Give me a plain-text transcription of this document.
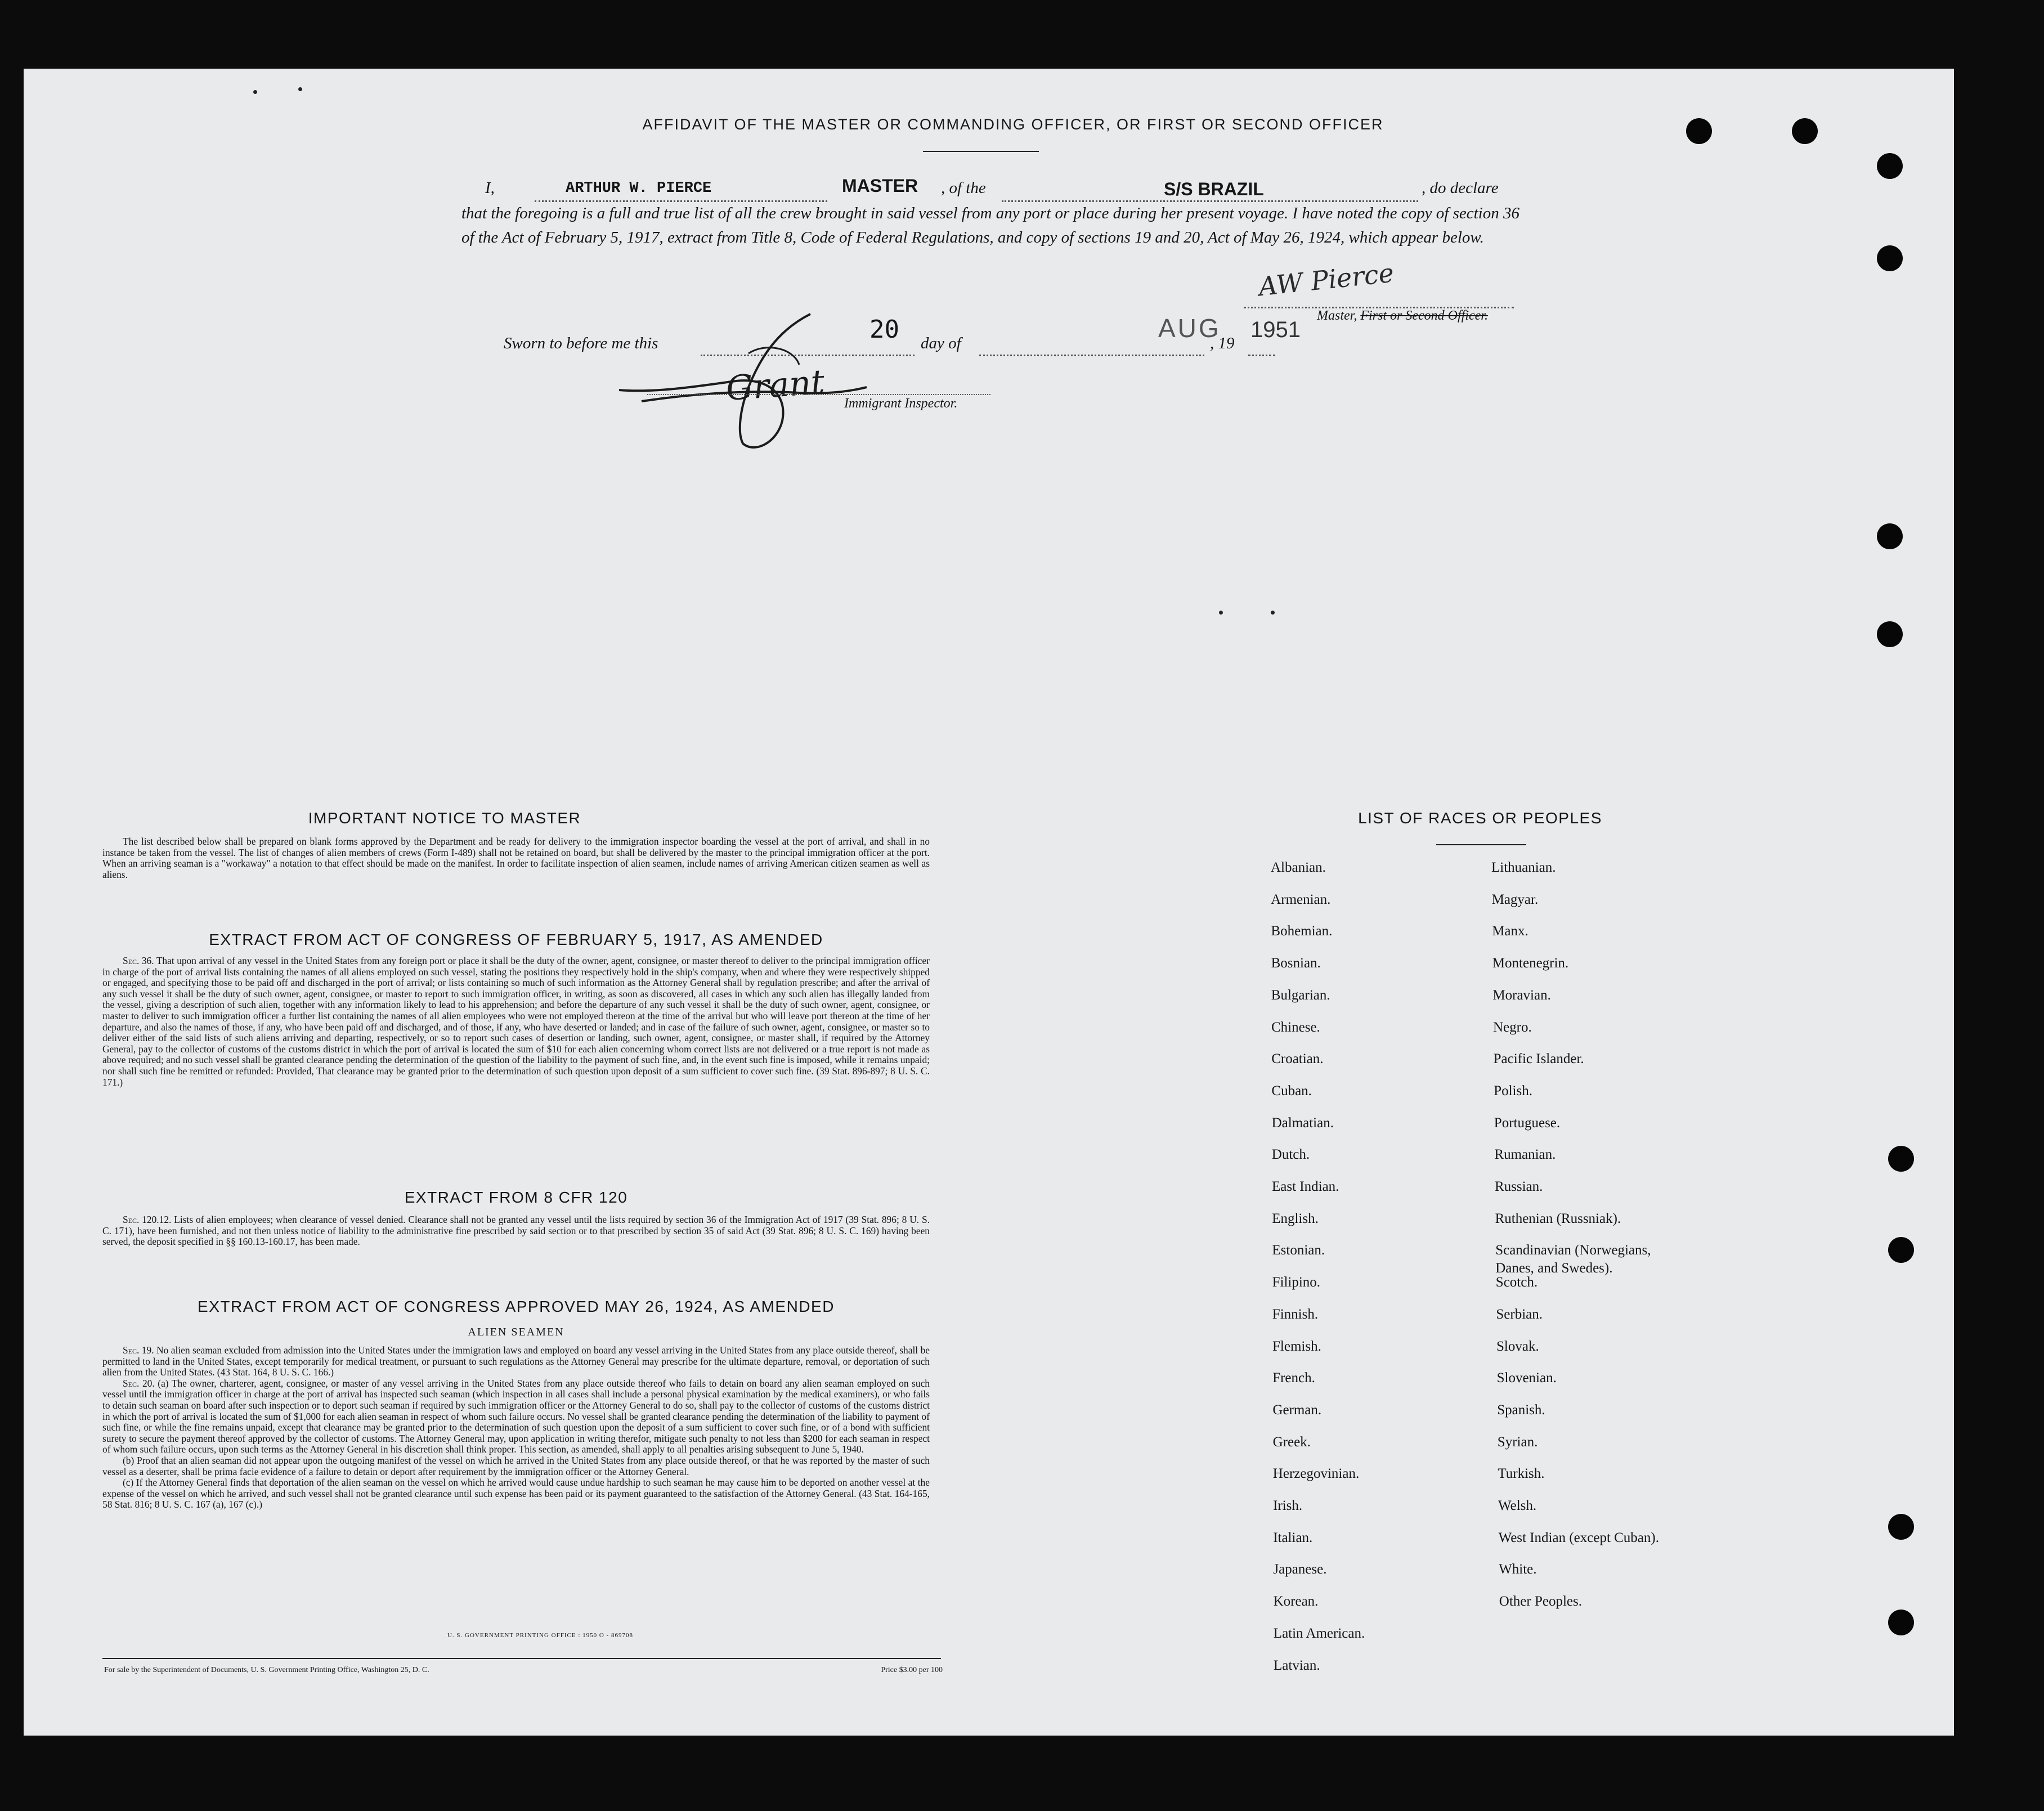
AFFIDAVIT OF THE MASTER OR COMMANDING OFFICER, OR FIRST OR SECOND OFFICER
I,	ARTHUR W. PIERCE	MASTER , of the	S/S BRAZIL	, do declare
that the foregoing is a full and true list of all the crew brought in said vessel from any port or place during her present voyage. I have noted the copy of section 36 of the Act of February 5, 1917, extract from Title 8, Code of Federal Regulations, and copy of sections 19 and 20, Act of May 26, 1924, which appear below.
AW Pierce
Master, First or Second Officer.
Sworn to before me this	20 day of
AUG
, 19
1951
Grant Immigrant Inspector.
IMPORTANT NOTICE TO MASTER
The list described below shall be prepared on blank forms approved by the Department and be ready for delivery to the immigration inspector boarding the vessel at the port of arrival, and shall in no instance be taken from the vessel. The list of changes of alien members of crews (Form I-489) shall not be retained on board, but shall be delivered by the master to the principal immigration officer at the port. When an arriving seaman is a "workaway" a notation to that effect should be made on the manifest. In order to facilitate inspection of alien seamen, include names of arriving American citizen seamen as well as aliens.
EXTRACT FROM ACT OF CONGRESS OF FEBRUARY 5, 1917, AS AMENDED
Sec. 36. That upon arrival of any vessel in the United States from any foreign port or place it shall be the duty of the owner, agent, consignee, or master thereof to deliver to the principal immigration officer in charge of the port of arrival lists containing the names of all aliens employed on such vessel, stating the positions they respectively hold in the ship's company, when and where they were respectively shipped or engaged, and specifying those to be paid off and discharged in the port of arrival; or lists containing so much of such information as the Attorney General shall by regulation prescribe; and after the arrival of any such vessel it shall be the duty of such owner, agent, consignee, or master to report to such immigration officer, in writing, as soon as discovered, all cases in which any such alien has illegally landed from the vessel, giving a description of such alien, together with any information likely to lead to his apprehension; and before the departure of any such vessel it shall be the duty of such owner, agent, consignee, or master to deliver to such immigration officer a further list containing the names of all alien employees who were not employed thereon at the time of the arrival but who will leave port thereon at the time of her departure, and also the names of those, if any, who have been paid off and discharged, and of those, if any, who have deserted or landed; and in case of the failure of such owner, agent, consignee, or master so to deliver either of the said lists of such aliens arriving and departing, respectively, or so to report such cases of desertion or landing, such owner, agent, consignee, or master shall, if required by the Attorney General, pay to the collector of customs of the customs district in which the port of arrival is located the sum of $10 for each alien concerning whom correct lists are not delivered or a true report is not made as above required; and no such vessel shall be granted clearance pending the determination of the question of the liability to the payment of such fine, and, in the event such fine is imposed, while it remains unpaid; nor shall such fine be remitted or refunded: Provided, That clearance may be granted prior to the determination of such question upon deposit of a sum sufficient to cover such fine. (39 Stat. 896-897; 8 U. S. C. 171.)
EXTRACT FROM 8 CFR 120
Sec. 120.12. Lists of alien employees; when clearance of vessel denied. Clearance shall not be granted any vessel until the lists required by section 36 of the Immigration Act of 1917 (39 Stat. 896; 8 U. S. C. 171), have been furnished, and not then unless notice of liability to the administrative fine prescribed by said section or to that prescribed by section 35 of said Act (39 Stat. 896; 8 U. S. C. 169) having been served, the deposit specified in §§ 160.13-160.17, has been made.
EXTRACT FROM ACT OF CONGRESS APPROVED MAY 26, 1924, AS AMENDED
ALIEN SEAMEN
Sec. 19. No alien seaman excluded from admission into the United States under the immigration laws and employed on board any vessel arriving in the United States from any place outside thereof, shall be permitted to land in the United States, except temporarily for medical treatment, or pursuant to such regulations as the Attorney General may prescribe for the ultimate departure, removal, or deportation of such alien from the United States. (43 Stat. 164, 8 U. S. C. 166.)
Sec. 20. (a) The owner, charterer, agent, consignee, or master of any vessel arriving in the United States from any place outside thereof who fails to detain on board any alien seaman employed on such vessel until the immigration officer in charge at the port of arrival has inspected such seaman (which inspection in all cases shall include a personal physical examination by the medical examiners), or who fails to detain such seaman on board after such inspection or to deport such seaman if required by such immigration officer or the Attorney General to do so, shall pay to the collector of customs of the customs district in which the port of arrival is located the sum of $1,000 for each alien seaman in respect of whom such failure occurs. No vessel shall be granted clearance pending the determination of the liability to payment of such fine, or while the fine remains unpaid, except that clearance may be granted prior to the determination of such question upon the deposit of a sum sufficient to cover such fine, or of a bond with sufficient surety to secure the payment thereof approved by the collector of customs. The Attorney General may, upon application in writing therefor, mitigate such penalty to not less than $200 for each seaman in respect of whom such failure occurs, upon such terms as the Attorney General in his discretion shall think proper. This section, as amended, shall apply to all penalties arising subsequent to June 5, 1940.
(b) Proof that an alien seaman did not appear upon the outgoing manifest of the vessel on which he arrived in the United States from any place outside thereof, or that he was reported by the master of such vessel as a deserter, shall be prima facie evidence of a failure to detain or deport after requirement by the immigration officer or the Attorney General.
(c) If the Attorney General finds that deportation of the alien seaman on the vessel on which he arrived would cause undue hardship to such seaman he may cause him to be deported on another vessel at the expense of the vessel on which he arrived, and such vessel shall not be granted clearance until such expense has been paid or its payment guaranteed to the satisfaction of the Attorney General. (43 Stat. 164-165, 58 Stat. 816; 8 U. S. C. 167 (a), 167 (c).)
U. S. GOVERNMENT PRINTING OFFICE : 1950 O - 869708
For sale by the Superintendent of Documents, U. S. Government Printing Office, Washington 25, D. C.	Price $3.00 per 100
LIST OF RACES OR PEOPLES
Albanian.
Armenian.
Bohemian.
Bosnian.
Bulgarian.
Chinese.
Croatian.
Cuban.
Dalmatian.
Dutch.
East Indian.
English.
Estonian.
Filipino.
Finnish.
Flemish.
French.
German.
Greek.
Herzegovinian.
Irish.
Italian.
Japanese.
Korean.
Latin American.
Latvian.
Lithuanian.
Magyar.
Manx.
Montenegrin.
Moravian.
Negro.
Pacific Islander.
Polish.
Portuguese.
Rumanian.
Russian.
Ruthenian (Russniak).
Scandinavian (Norwegians,
Danes, and Swedes).
Scotch.
Serbian.
Slovak.
Slovenian.
Spanish.
Syrian.
Turkish.
Welsh.
West Indian (except Cuban).
White.
Other Peoples.
